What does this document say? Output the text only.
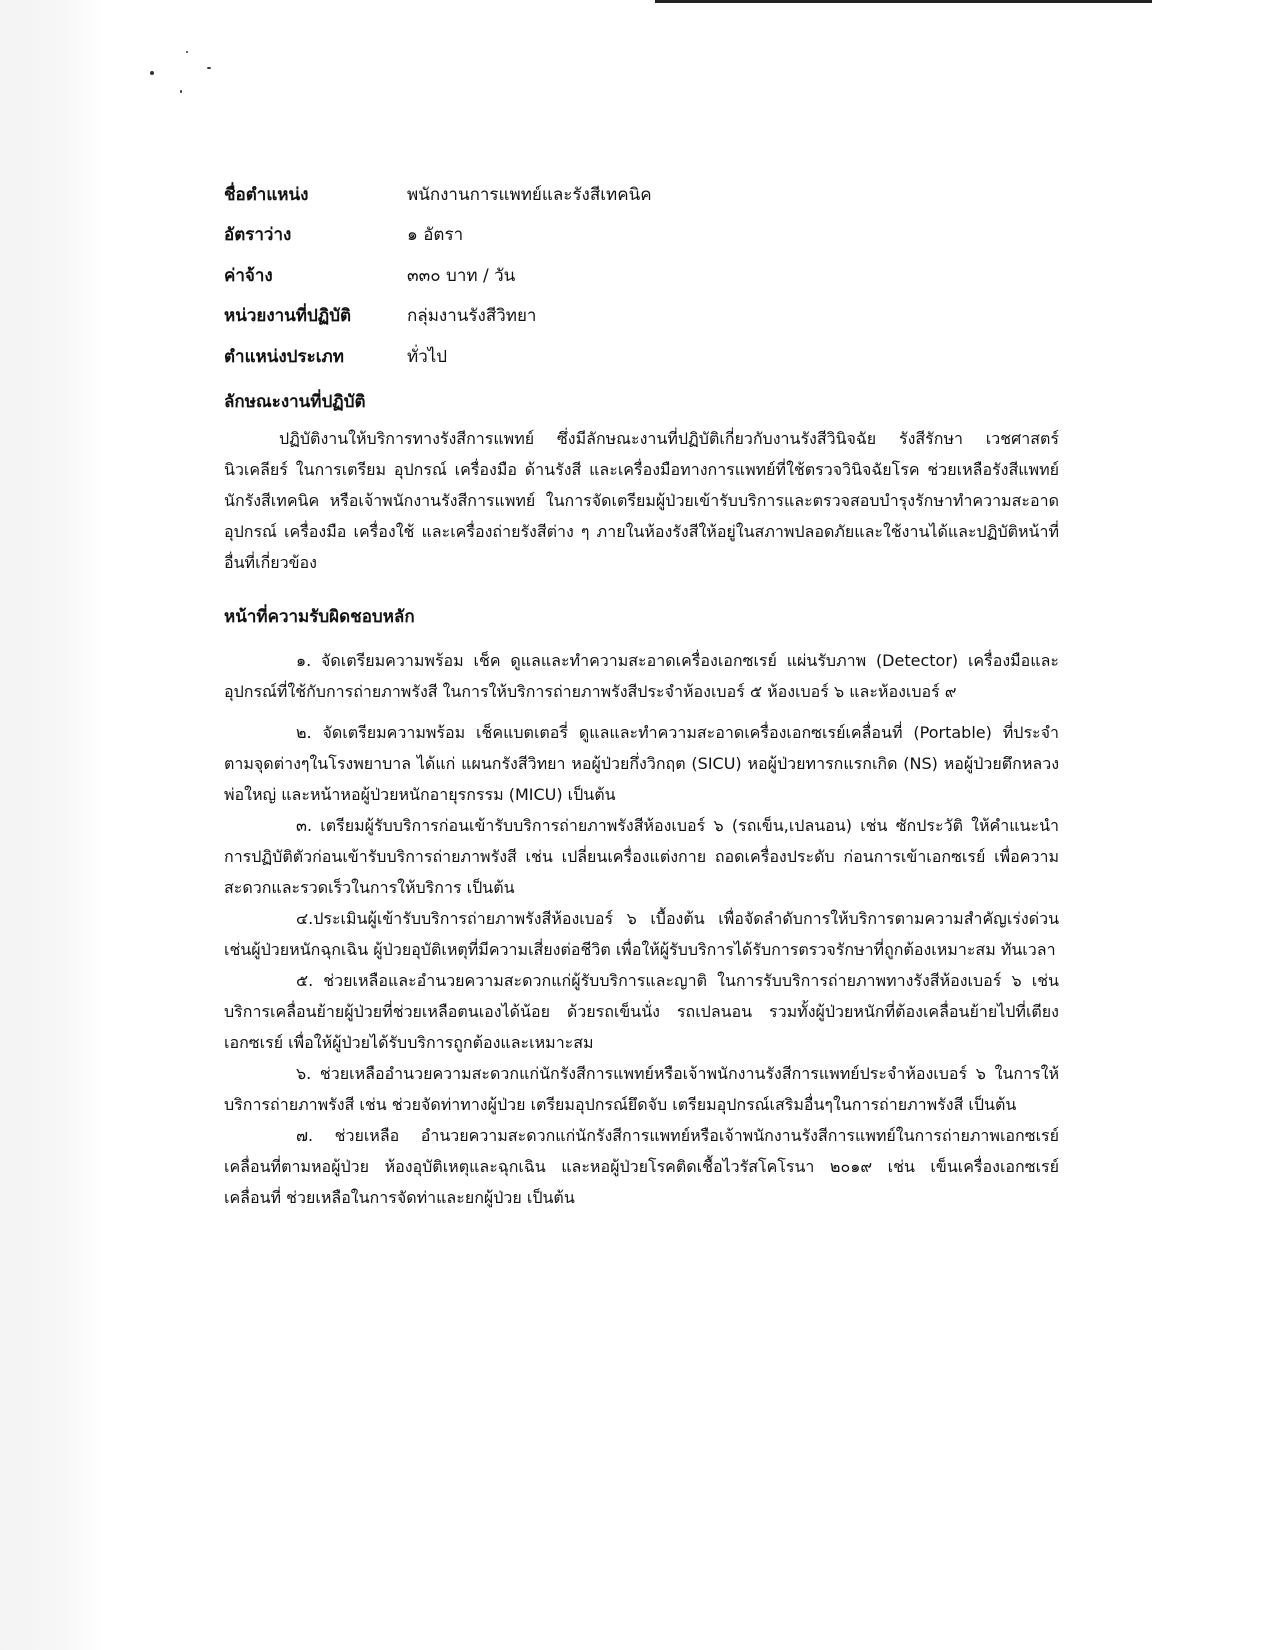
ชื่อตำแหน่ง	พนักงานการแพทย์และรังสีเทคนิค
อัตราว่าง	๑ อัตรา
ค่าจ้าง	๓๓๐ บาท / วัน
หน่วยงานที่ปฏิบัติ	กลุ่มงานรังสีวิทยา
ตำแหน่งประเภท	ทั่วไป
ลักษณะงานที่ปฏิบัติ

ปฏิบัติงานให้บริการทางรังสีการแพทย์ ซึ่งมีลักษณะงานที่ปฏิบัติเกี่ยวกับงานรังสีวินิจฉัย รังสีรักษา เวชศาสตร์นิวเคลียร์ ในการเตรียม อุปกรณ์ เครื่องมือ ด้านรังสี และเครื่องมือทางการแพทย์ที่ใช้ตรวจวินิจฉัยโรค ช่วยเหลือรังสีแพทย์ นักรังสีเทคนิค หรือเจ้าพนักงานรังสีการแพทย์ ในการจัดเตรียมผู้ป่วยเข้ารับบริการและตรวจสอบบำรุงรักษาทำความสะอาด อุปกรณ์ เครื่องมือ เครื่องใช้ และเครื่องถ่ายรังสีต่าง ๆ ภายในห้องรังสีให้อยู่ในสภาพปลอดภัยและใช้งานได้และปฏิบัติหน้าที่อื่นที่เกี่ยวข้อง

หน้าที่ความรับผิดชอบหลัก

๑. จัดเตรียมความพร้อม เช็ค ดูแลและทำความสะอาดเครื่องเอกซเรย์ แผ่นรับภาพ (Detector) เครื่องมือและอุปกรณ์ที่ใช้กับการถ่ายภาพรังสี ในการให้บริการถ่ายภาพรังสีประจำห้องเบอร์ ๕ ห้องเบอร์ ๖ และห้องเบอร์ ๙

๒. จัดเตรียมความพร้อม เช็คแบตเตอรี่ ดูแลและทำความสะอาดเครื่องเอกซเรย์เคลื่อนที่ (Portable) ที่ประจำตามจุดต่างๆในโรงพยาบาล ได้แก่ แผนกรังสีวิทยา หอผู้ป่วยกึ่งวิกฤต (SICU) หอผู้ป่วยทารกแรกเกิด (NS) หอผู้ป่วยตึกหลวงพ่อใหญ่ และหน้าหอผู้ป่วยหนักอายุรกรรม (MICU) เป็นต้น

๓. เตรียมผู้รับบริการก่อนเข้ารับบริการถ่ายภาพรังสีห้องเบอร์ ๖ (รถเข็น,เปลนอน) เช่น ซักประวัติ ให้คำแนะนำการปฏิบัติตัวก่อนเข้ารับบริการถ่ายภาพรังสี เช่น เปลี่ยนเครื่องแต่งกาย ถอดเครื่องประดับ ก่อนการเข้าเอกซเรย์ เพื่อความสะดวกและรวดเร็วในการให้บริการ เป็นต้น

๔.ประเมินผู้เข้ารับบริการถ่ายภาพรังสีห้องเบอร์ ๖ เบื้องต้น เพื่อจัดลำดับการให้บริการตามความสำคัญเร่งด่วน เช่นผู้ป่วยหนักฉุกเฉิน ผู้ป่วยอุบัติเหตุที่มีความเสี่ยงต่อชีวิต เพื่อให้ผู้รับบริการได้รับการตรวจรักษาที่ถูกต้องเหมาะสม ทันเวลา

๕. ช่วยเหลือและอำนวยความสะดวกแก่ผู้รับบริการและญาติ ในการรับบริการถ่ายภาพทางรังสีห้องเบอร์ ๖ เช่น บริการเคลื่อนย้ายผู้ป่วยที่ช่วยเหลือตนเองได้น้อย ด้วยรถเข็นนั่ง รถเปลนอน รวมทั้งผู้ป่วยหนักที่ต้องเคลื่อนย้ายไปที่เตียงเอกซเรย์ เพื่อให้ผู้ป่วยได้รับบริการถูกต้องและเหมาะสม

๖. ช่วยเหลืออำนวยความสะดวกแก่นักรังสีการแพทย์หรือเจ้าพนักงานรังสีการแพทย์ประจำห้องเบอร์ ๖ ในการให้บริการถ่ายภาพรังสี เช่น ช่วยจัดท่าทางผู้ป่วย เตรียมอุปกรณ์ยึดจับ เตรียมอุปกรณ์เสริมอื่นๆในการถ่ายภาพรังสี เป็นต้น

๗. ช่วยเหลือ อำนวยความสะดวกแก่นักรังสีการแพทย์หรือเจ้าพนักงานรังสีการแพทย์ในการถ่ายภาพเอกซเรย์เคลื่อนที่ตามหอผู้ป่วย ห้องอุบัติเหตุและฉุกเฉิน และหอผู้ป่วยโรคติดเชื้อไวรัสโคโรนา ๒๐๑๙ เช่น เข็นเครื่องเอกซเรย์เคลื่อนที่ ช่วยเหลือในการจัดท่าและยกผู้ป่วย เป็นต้น
